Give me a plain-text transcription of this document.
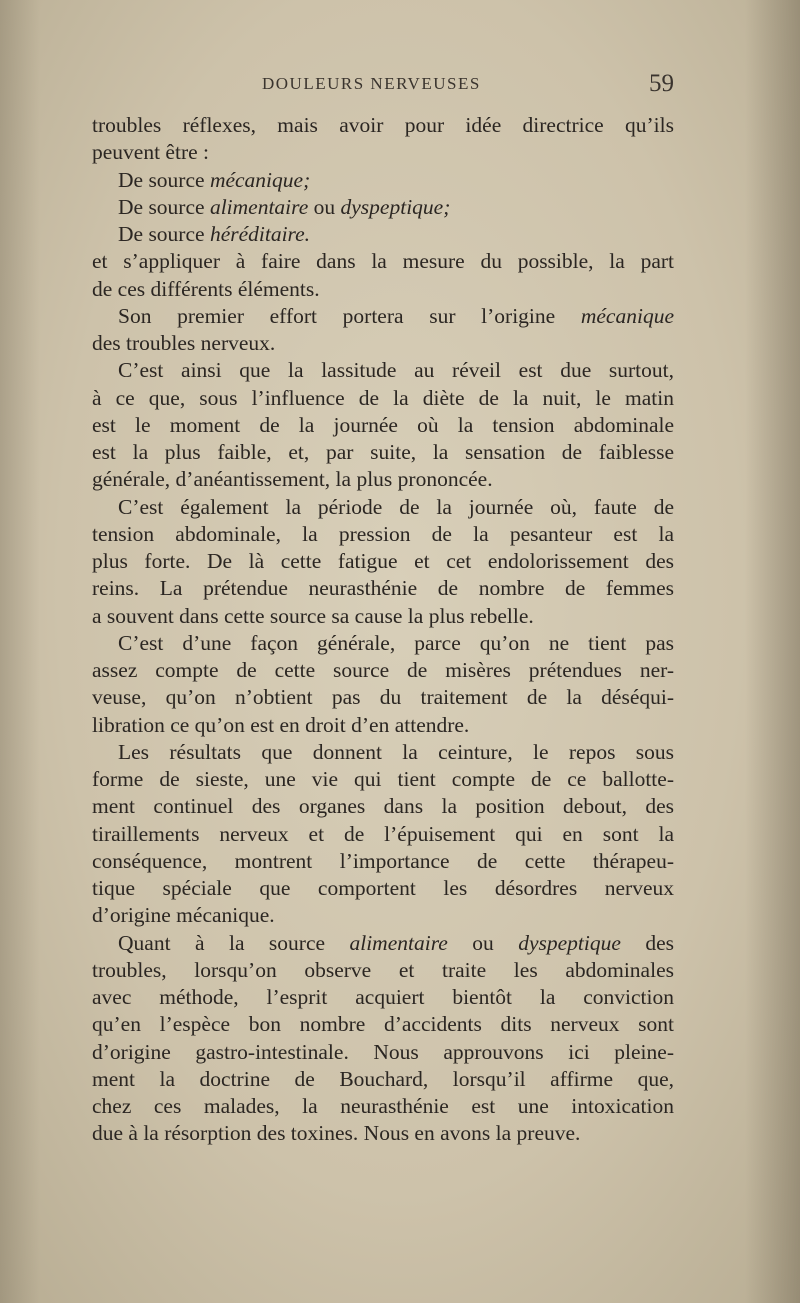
DOULEURS NERVEUSES	59
troubles réflexes, mais avoir pour idée directrice qu’ils
peuvent être :
De source mécanique;
De source alimentaire ou dyspeptique;
De source héréditaire.
et s’appliquer à faire dans la mesure du possible, la part
de ces différents éléments.
Son premier effort portera sur l’origine mécanique
des troubles nerveux.
C’est ainsi que la lassitude au réveil est due surtout,
à ce que, sous l’influence de la diète de la nuit, le matin
est le moment de la journée où la tension abdominale
est la plus faible, et, par suite, la sensation de faiblesse
générale, d’anéantissement, la plus prononcée.
C’est également la période de la journée où, faute de
tension abdominale, la pression de la pesanteur est la
plus forte. De là cette fatigue et cet endolorissement des
reins. La prétendue neurasthénie de nombre de femmes
a souvent dans cette source sa cause la plus rebelle.
C’est d’une façon générale, parce qu’on ne tient pas
assez compte de cette source de misères prétendues ner-
veuse, qu’on n’obtient pas du traitement de la déséqui-
libration ce qu’on est en droit d’en attendre.
Les résultats que donnent la ceinture, le repos sous
forme de sieste, une vie qui tient compte de ce ballotte-
ment continuel des organes dans la position debout, des
tiraillements nerveux et de l’épuisement qui en sont la
conséquence, montrent l’importance de cette thérapeu-
tique spéciale que comportent les désordres nerveux
d’origine mécanique.
Quant à la source alimentaire ou dyspeptique des
troubles, lorsqu’on observe et traite les abdominales
avec méthode, l’esprit acquiert bientôt la conviction
qu’en l’espèce bon nombre d’accidents dits nerveux sont
d’origine gastro-intestinale. Nous approuvons ici pleine-
ment la doctrine de Bouchard, lorsqu’il affirme que,
chez ces malades, la neurasthénie est une intoxication
due à la résorption des toxines. Nous en avons la preuve.
